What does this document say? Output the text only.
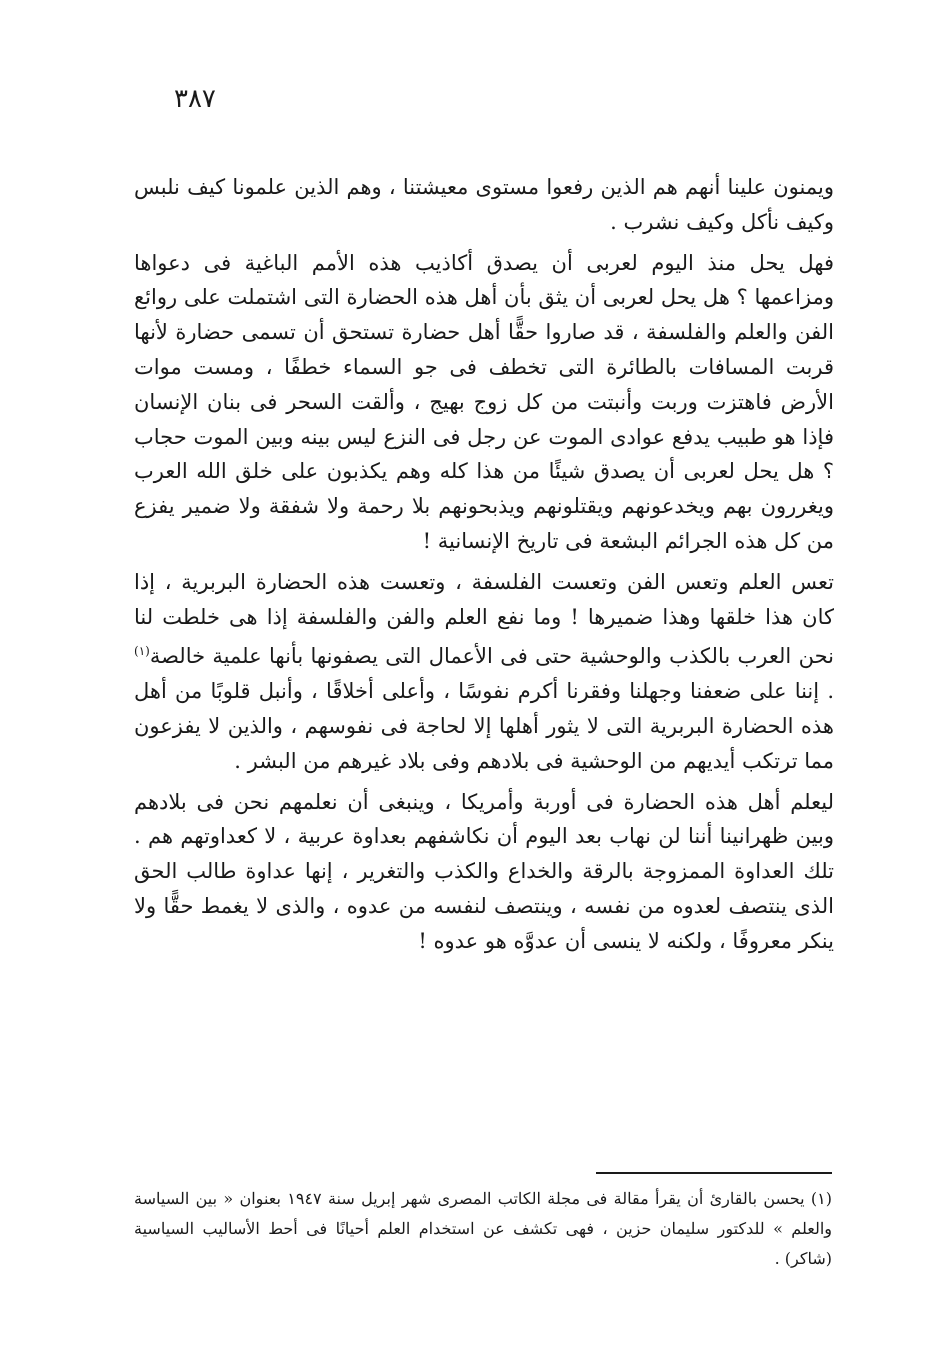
٣٨٧

ويمنون علينا أنهم هم الذين رفعوا مستوى معيشتنا ، وهم الذين علمونا كيف نلبس وكيف نأكل وكيف نشرب .

فهل يحل منذ اليوم لعربى أن يصدق أكاذيب هذه الأمم الباغية فى دعواها ومزاعمها ؟ هل يحل لعربى أن يثق بأن أهل هذه الحضارة التى اشتملت على روائع الفن والعلم والفلسفة ، قد صاروا حقًّا أهل حضارة تستحق أن تسمى حضارة لأنها قربت المسافات بالطائرة التى تخطف فى جو السماء خطفًا ، ومست موات الأرض فاهتزت وربت وأنبتت من كل زوج بهيج ، وألقت السحر فى بنان الإنسان فإذا هو طبيب يدفع عوادى الموت عن رجل فى النزع ليس بينه وبين الموت حجاب ؟ هل يحل لعربى أن يصدق شيئًا من هذا كله وهم يكذبون على خلق الله العرب ويغررون بهم ويخدعونهم ويقتلونهم ويذبحونهم بلا رحمة ولا شفقة ولا ضمير يفزع من كل هذه الجرائم البشعة فى تاريخ الإنسانية !

تعس العلم وتعس الفن وتعست الفلسفة ، وتعست هذه الحضارة البربرية ، إذا كان هذا خلقها وهذا ضميرها ! وما نفع العلم والفن والفلسفة إذا هى خلطت لنا نحن العرب بالكذب والوحشية حتى فى الأعمال التى يصفونها بأنها علمية خالصة$^{(١)}$ . إننا على ضعفنا وجهلنا وفقرنا أكرم نفوسًا ، وأعلى أخلاقًا ، وأنبل قلوبًا من أهل هذه الحضارة البربرية التى لا يثور أهلها إلا لحاجة فى نفوسهم ، والذين لا يفزعون مما ترتكب أيديهم من الوحشية فى بلادهم وفى بلاد غيرهم من البشر .

ليعلم أهل هذه الحضارة فى أوربة وأمريكا ، وينبغى أن نعلمهم نحن فى بلادهم وبين ظهرانينا أننا لن نهاب بعد اليوم أن نكاشفهم بعداوة عربية ، لا كعداوتهم هم . تلك العداوة الممزوجة بالرقة والخداع والكذب والتغرير ، إنها عداوة طالب الحق الذى ينتصف لعدوه من نفسه ، وينتصف لنفسه من عدوه ، والذى لا يغمط حقًّا ولا ينكر معروفًا ، ولكنه لا ينسى أن عدوَّه هو عدوه !

(١) يحسن بالقارئ أن يقرأ مقالة فى مجلة الكاتب المصرى شهر إبريل سنة ١٩٤٧ بعنوان « بين السياسة والعلم » للدكتور سليمان حزين ، فهى تكشف عن استخدام العلم أحيانًا فى أحط الأساليب السياسية (شاكر) .
